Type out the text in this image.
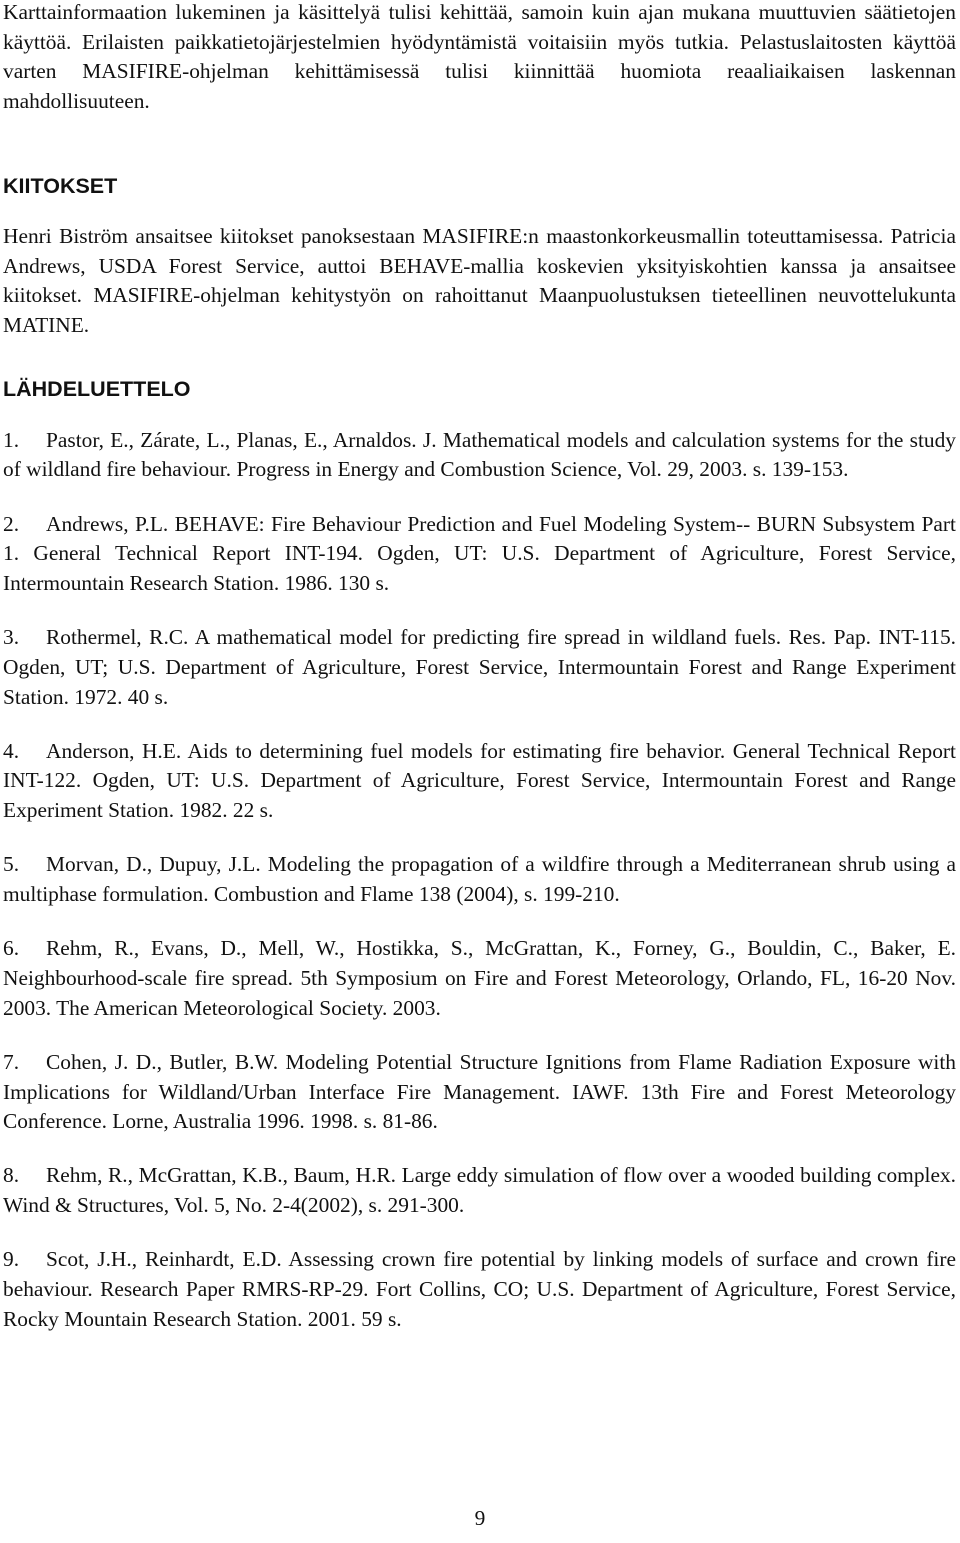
Karttainformaation lukeminen ja käsittelyä tulisi kehittää, samoin kuin ajan mukana muuttuvien säätietojen käyttöä. Erilaisten paikkatietojärjestelmien hyödyntämistä voitaisiin myös tutkia. Pelastuslaitosten käyttöä varten MASIFIRE-ohjelman kehittämisessä tulisi kiinnittää huomiota reaaliaikaisen laskennan mahdollisuuteen.

KIITOKSET

Henri Biström ansaitsee kiitokset panoksestaan MASIFIRE:n maastonkorkeusmallin toteuttamisessa. Patricia Andrews, USDA Forest Service, auttoi BEHAVE-mallia koskevien yksityiskohtien kanssa ja ansaitsee kiitokset. MASIFIRE-ohjelman kehitystyön on rahoittanut Maanpuolustuksen tieteellinen neuvottelukunta MATINE.

LÄHDELUETTELO

1. Pastor, E., Zárate, L., Planas, E., Arnaldos. J. Mathematical models and calculation systems for the study of wildland fire behaviour. Progress in Energy and Combustion Science, Vol. 29, 2003. s. 139-153.

2. Andrews, P.L. BEHAVE: Fire Behaviour Prediction and Fuel Modeling System-- BURN Subsystem Part 1. General Technical Report INT-194. Ogden, UT: U.S. Department of Agriculture, Forest Service, Intermountain Research Station. 1986. 130 s.

3. Rothermel, R.C. A mathematical model for predicting fire spread in wildland fuels. Res. Pap. INT-115. Ogden, UT; U.S. Department of Agriculture, Forest Service, Intermountain Forest and Range Experiment Station. 1972. 40 s.

4. Anderson, H.E. Aids to determining fuel models for estimating fire behavior. General Technical Report INT-122. Ogden, UT: U.S. Department of Agriculture, Forest Service, Intermountain Forest and Range Experiment Station. 1982. 22 s.

5. Morvan, D., Dupuy, J.L. Modeling the propagation of a wildfire through a Mediterranean shrub using a multiphase formulation. Combustion and Flame 138 (2004), s. 199-210.

6. Rehm, R., Evans, D., Mell, W., Hostikka, S., McGrattan, K., Forney, G., Bouldin, C., Baker, E. Neighbourhood-scale fire spread. 5th Symposium on Fire and Forest Meteorology, Orlando, FL, 16-20 Nov. 2003. The American Meteorological Society. 2003.

7. Cohen, J. D., Butler, B.W. Modeling Potential Structure Ignitions from Flame Radiation Exposure with Implications for Wildland/Urban Interface Fire Management. IAWF. 13th Fire and Forest Meteorology Conference. Lorne, Australia 1996. 1998. s. 81-86.

8. Rehm, R., McGrattan, K.B., Baum, H.R. Large eddy simulation of flow over a wooded building complex. Wind & Structures, Vol. 5, No. 2-4(2002), s. 291-300.

9. Scot, J.H., Reinhardt, E.D. Assessing crown fire potential by linking models of surface and crown fire behaviour. Research Paper RMRS-RP-29. Fort Collins, CO; U.S. Department of Agriculture, Forest Service, Rocky Mountain Research Station. 2001. 59 s.

9
